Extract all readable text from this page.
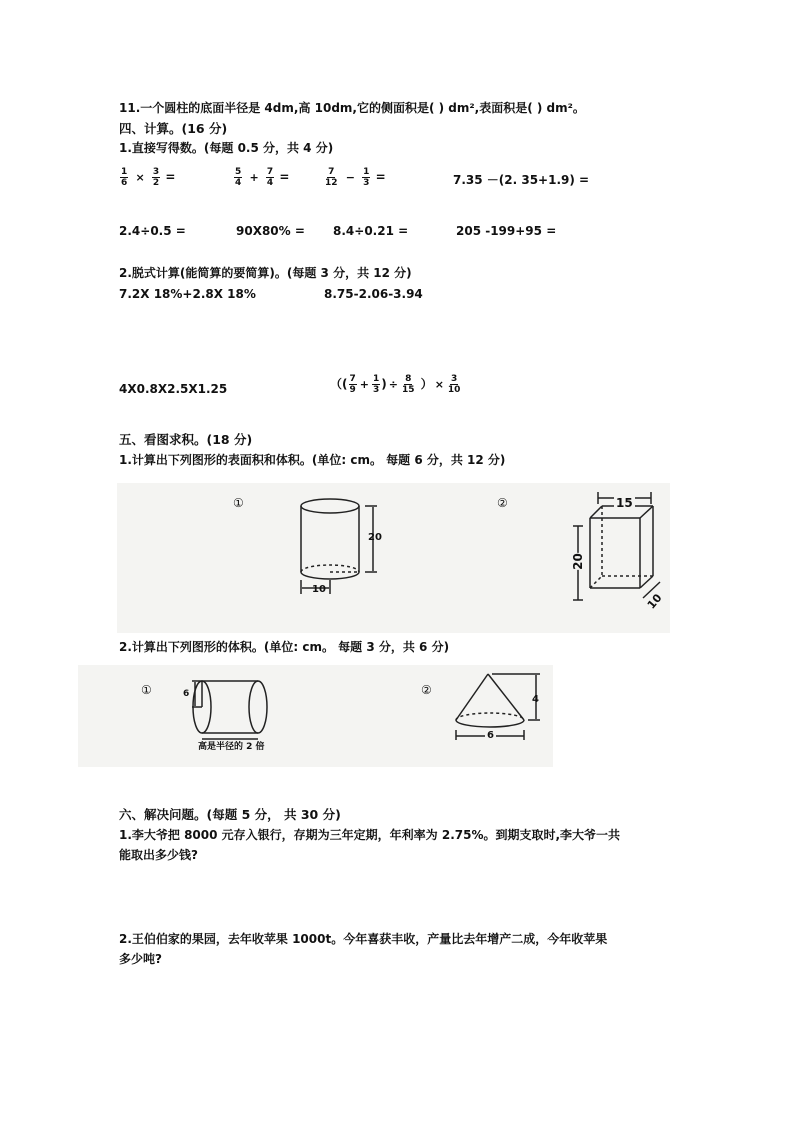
11.一个圆柱的底面半径是 4dm,高 10dm,它的侧面积是( ) dm²,表面积是( ) dm²。
四、计算。(16 分)
1.直接写得数。(每题 0.5 分，共 4 分)
$\frac{1}{6} \times \frac{3}{2}$ =	$\frac{5}{4} + \frac{7}{4}$ =	$\frac{7}{12} - \frac{1}{3}$ =	7.35 －(2. 35+1.9) =
2.4÷0.5 =	90X80% = 8.4÷0.21 =	205 -199+95 =
2.脱式计算(能简算的要简算)。(每题 3 分，共 12 分)
7.2X 18%+2.8X 18%	8.75-2.06-3.94
4X0.8X2.5X1.25	（( $\frac{7}{9} + \frac{1}{3}$ ) ÷ $\frac{8}{15}$ ） × $\frac{3}{10}$
五、看图求积。(18 分)
1.计算出下列图形的表面积和体积。(单位: cm。 每题 6 分，共 12 分)
①
20
10
②	15
20
10
2.计算出下列图形的体积。(单位: cm。 每题 3 分，共 6 分)
①	6
高是半径的 2 倍
②
4
6
六、解决问题。(每题 5 分， 共 30 分)
1.李大爷把 8000 元存入银行，存期为三年定期，年利率为 2.75%。到期支取时,李大爷一共
能取出多少钱?
2.王伯伯家的果园，去年收苹果 1000t。今年喜获丰收，产量比去年增产二成，今年收苹果
多少吨?
